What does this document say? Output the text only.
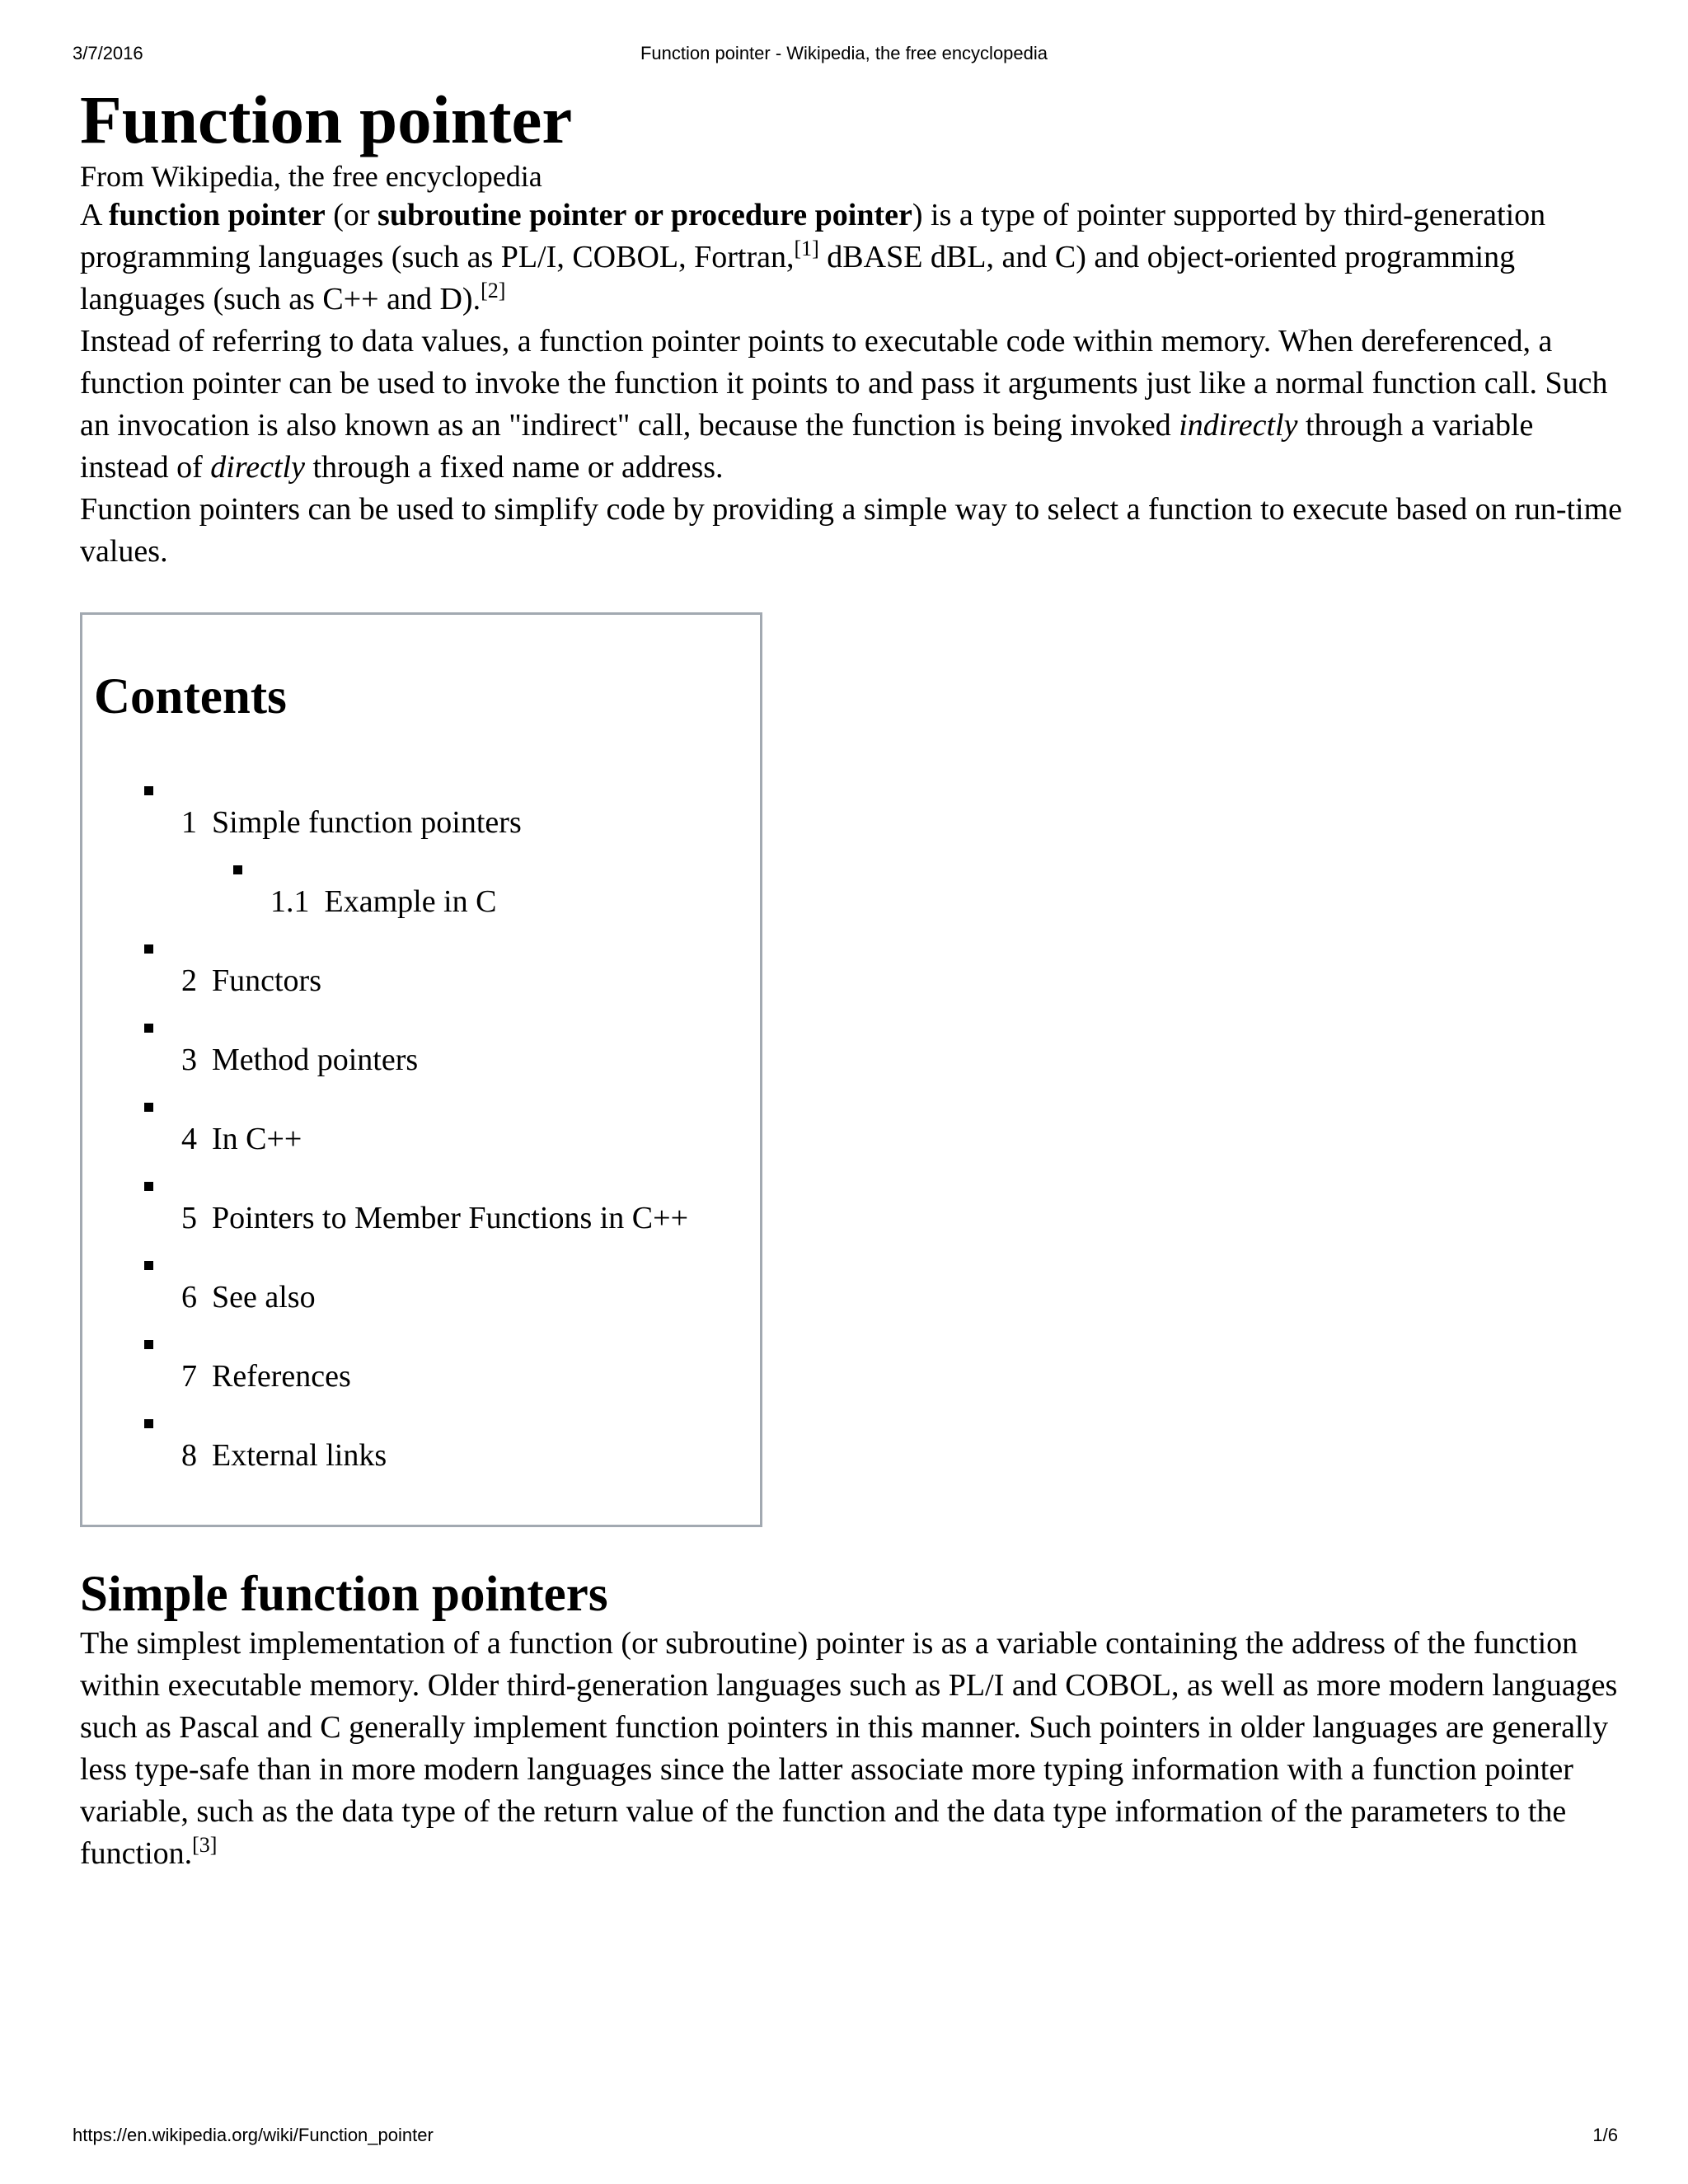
3/7/2016	Function pointer - Wikipedia, the free encyclopedia
Function pointer
From Wikipedia, the free encyclopedia

A function pointer (or subroutine pointer or procedure pointer) is a type of pointer supported by third-generation programming languages (such as PL/I, COBOL, Fortran,[1] dBASE dBL, and C) and object-oriented programming languages (such as C++ and D).[2]

Instead of referring to data values, a function pointer points to executable code within memory. When dereferenced, a function pointer can be used to invoke the function it points to and pass it arguments just like a normal function call. Such an invocation is also known as an "indirect" call, because the function is being invoked indirectly through a variable instead of directly through a fixed name or address.

Function pointers can be used to simplify code by providing a simple way to select a function to execute based on run-time values.

Contents
1 Simple function pointers
1.1 Example in C
2 Functors
3 Method pointers
4 In C++
5 Pointers to Member Functions in C++
6 See also
7 References
8 External links
Simple function pointers

The simplest implementation of a function (or subroutine) pointer is as a variable containing the address of the function within executable memory. Older third-generation languages such as PL/I and COBOL, as well as more modern languages such as Pascal and C generally implement function pointers in this manner. Such pointers in older languages are generally less type-safe than in more modern languages since the latter associate more typing information with a function pointer variable, such as the data type of the return value of the function and the data type information of the parameters to the function.[3]

https://en.wikipedia.org/wiki/Function_pointer	1/6
